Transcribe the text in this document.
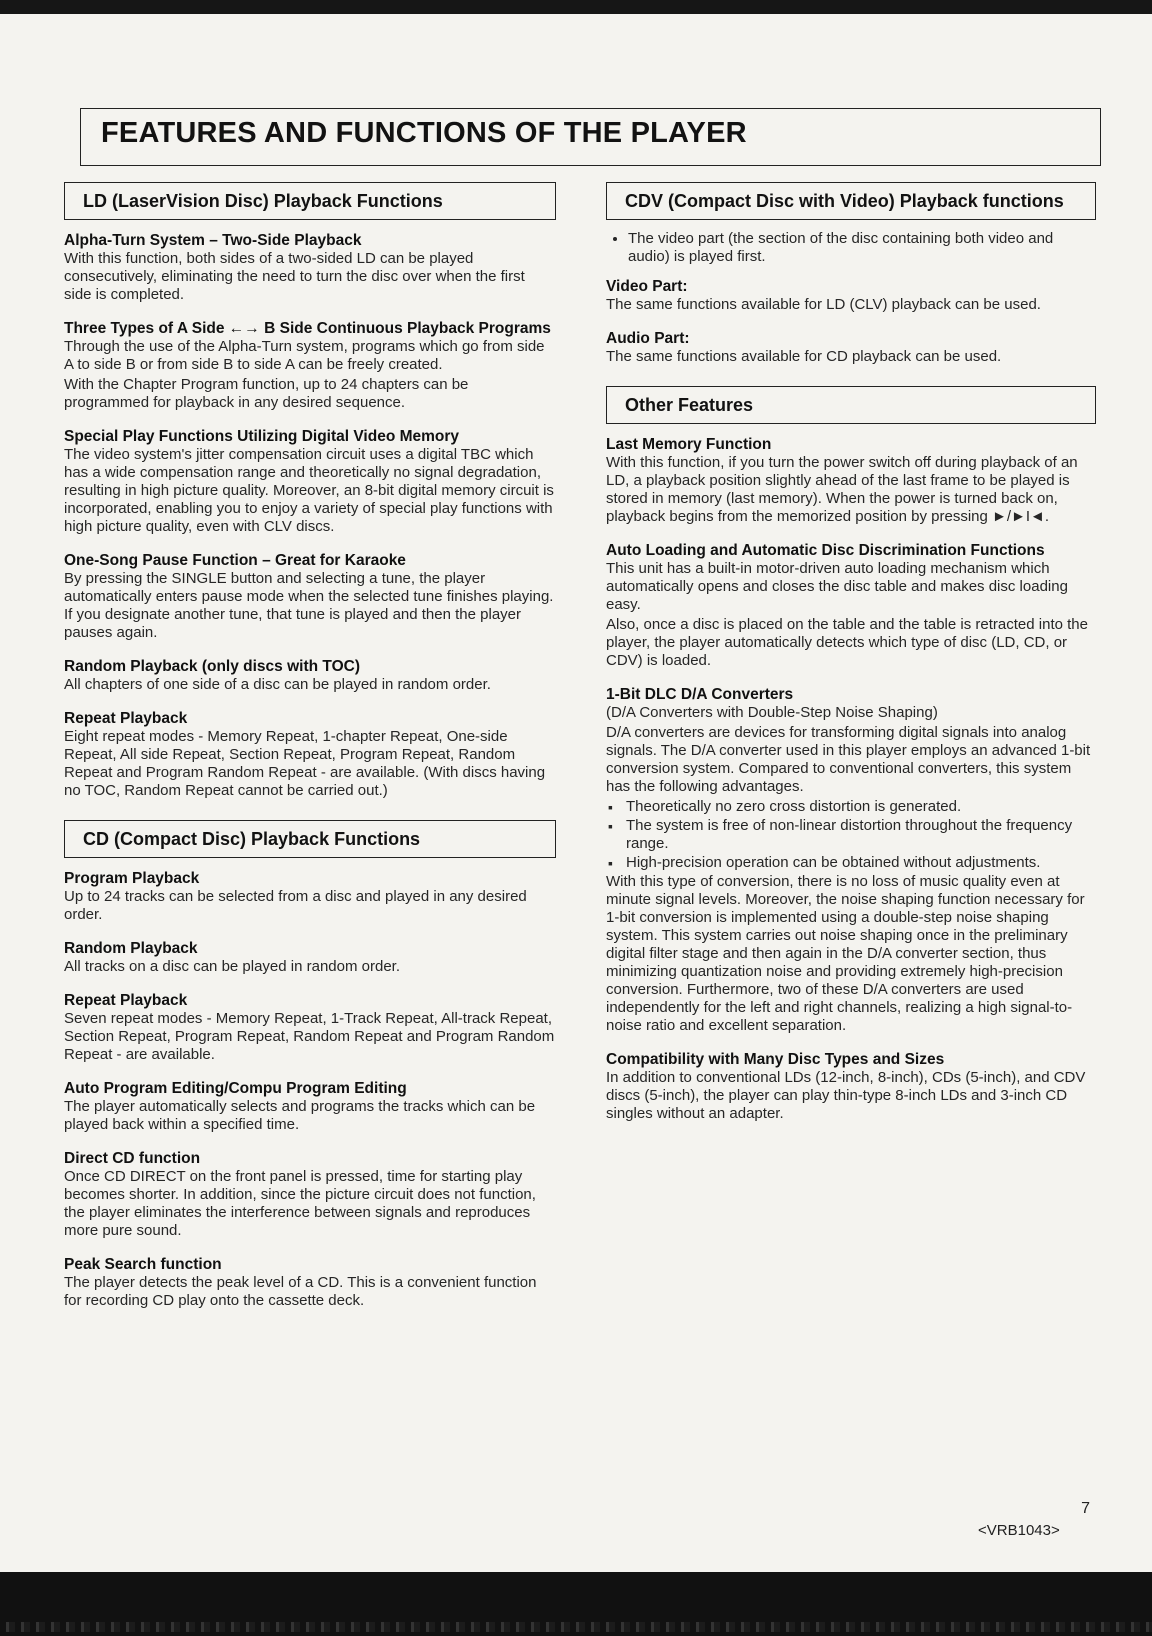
FEATURES AND FUNCTIONS OF THE PLAYER
LD (LaserVision Disc) Playback Functions
Alpha-Turn System – Two-Side Playback

With this function, both sides of a two-sided LD can be played consecutively, eliminating the need to turn the disc over when the first side is completed.

Three Types of A Side ←→ B Side Continuous Playback Programs

Through the use of the Alpha-Turn system, programs which go from side A to side B or from side B to side A can be freely created.

With the Chapter Program function, up to 24 chapters can be programmed for playback in any desired sequence.

Special Play Functions Utilizing Digital Video Memory

The video system's jitter compensation circuit uses a digital TBC which has a wide compensation range and theoretically no signal degradation, resulting in high picture quality. Moreover, an 8-bit digital memory circuit is incorporated, enabling you to enjoy a variety of special play functions with high picture quality, even with CLV discs.

One-Song Pause Function – Great for Karaoke

By pressing the SINGLE button and selecting a tune, the player automatically enters pause mode when the selected tune finishes playing. If you designate another tune, that tune is played and then the player pauses again.

Random Playback (only discs with TOC)

All chapters of one side of a disc can be played in random order.

Repeat Playback

Eight repeat modes - Memory Repeat, 1-chapter Repeat, One-side Repeat, All side Repeat, Section Repeat, Program Repeat, Random Repeat and Program Random Repeat - are available. (With discs having no TOC, Random Repeat cannot be carried out.)

CD (Compact Disc) Playback Functions
Program Playback

Up to 24 tracks can be selected from a disc and played in any desired order.

Random Playback

All tracks on a disc can be played in random order.

Repeat Playback

Seven repeat modes - Memory Repeat, 1-Track Repeat, All-track Repeat, Section Repeat, Program Repeat, Random Repeat and Program Random Repeat - are available.

Auto Program Editing/Compu Program Editing

The player automatically selects and programs the tracks which can be played back within a specified time.

Direct CD function

Once CD DIRECT on the front panel is pressed, time for starting play becomes shorter. In addition, since the picture circuit does not function, the player eliminates the interference between signals and reproduces more pure sound.

Peak Search function

The player detects the peak level of a CD. This is a convenient function for recording CD play onto the cassette deck.

CDV (Compact Disc with Video) Playback functions
• The video part (the section of the disc containing both video and audio) is played first.
Video Part:

The same functions available for LD (CLV) playback can be used.

Audio Part:

The same functions available for CD playback can be used.

Other Features
Last Memory Function

With this function, if you turn the power switch off during playback of an LD, a playback position slightly ahead of the last frame to be played is stored in memory (last memory). When the power is turned back on, playback begins from the memorized position by pressing ►/►I◄.

Auto Loading and Automatic Disc Discrimination Functions

This unit has a built-in motor-driven auto loading mechanism which automatically opens and closes the disc table and makes disc loading easy.

Also, once a disc is placed on the table and the table is retracted into the player, the player automatically detects which type of disc (LD, CD, or CDV) is loaded.

1-Bit DLC D/A Converters

(D/A Converters with Double-Step Noise Shaping)

D/A converters are devices for transforming digital signals into analog signals. The D/A converter used in this player employs an advanced 1-bit conversion system. Compared to conventional converters, this system has the following advantages.

▪ Theoretically no zero cross distortion is generated.
▪ The system is free of non-linear distortion throughout the frequency range.
▪ High-precision operation can be obtained without adjustments.

With this type of conversion, there is no loss of music quality even at minute signal levels. Moreover, the noise shaping function necessary for 1-bit conversion is implemented using a double-step noise shaping system. This system carries out noise shaping once in the preliminary digital filter stage and then again in the D/A converter section, thus minimizing quantization noise and providing extremely high-precision conversion. Furthermore, two of these D/A converters are used independently for the left and right channels, realizing a high signal-to-noise ratio and excellent separation.

Compatibility with Many Disc Types and Sizes

In addition to conventional LDs (12-inch, 8-inch), CDs (5-inch), and CDV discs (5-inch), the player can play thin-type 8-inch LDs and 3-inch CD singles without an adapter.

7
<VRB1043>
